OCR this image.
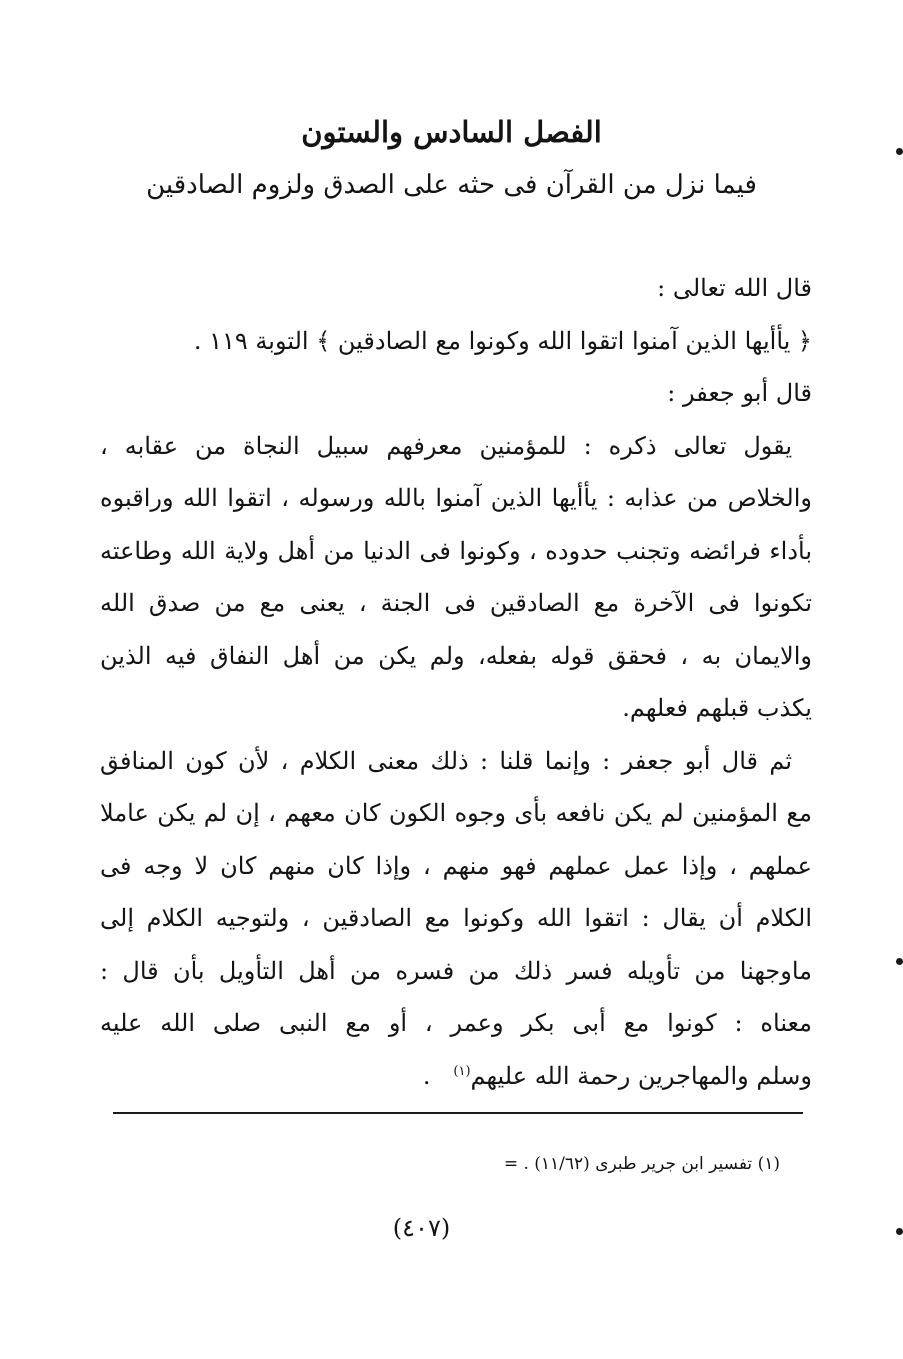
الفصل السادس والستون
فيما نزل من القرآن فى حثه على الصدق ولزوم الصادقين
قال الله تعالى :
﴿ يأأيها الذين آمنوا اتقوا الله وكونوا مع الصادقين ﴾ التوبة ١١٩ .
قال أبو جعفر :
يقول تعالى ذكره : للمؤمنين معرفهم سبيل النجاة من عقابه ،
والخلاص من عذابه : يأأيها الذين آمنوا بالله ورسوله ، اتقوا الله وراقبوه
بأداء فرائضه وتجنب حدوده ، وكونوا فى الدنيا من أهل ولاية الله وطاعته
تكونوا فى الآخرة مع الصادقين فى الجنة ، يعنى مع من صدق الله
والايمان به ، فحقق قوله بفعله، ولم يكن من أهل النفاق فيه الذين
يكذب قبلهم فعلهم.
ثم قال أبو جعفر : وإنما قلنا : ذلك معنى الكلام ، لأن كون المنافق
مع المؤمنين لم يكن نافعه بأى وجوه الكون كان معهم ، إن لم يكن عاملا
عملهم ، وإذا عمل عملهم فهو منهم ، وإذا كان منهم كان لا وجه فى
الكلام أن يقال : اتقوا الله وكونوا مع الصادقين ، ولتوجيه الكلام إلى
ماوجهنا من تأويله فسر ذلك من فسره من أهل التأويل بأن قال :
معناه : كونوا مع أبى بكر وعمر ، أو مع النبى صلى الله عليه
وسلم والمهاجرين رحمة الله عليهم$^{(١)}$   .
(١) تفسير ابن جرير طبرى (١١/٦٢) . =
(٤٠٧)
